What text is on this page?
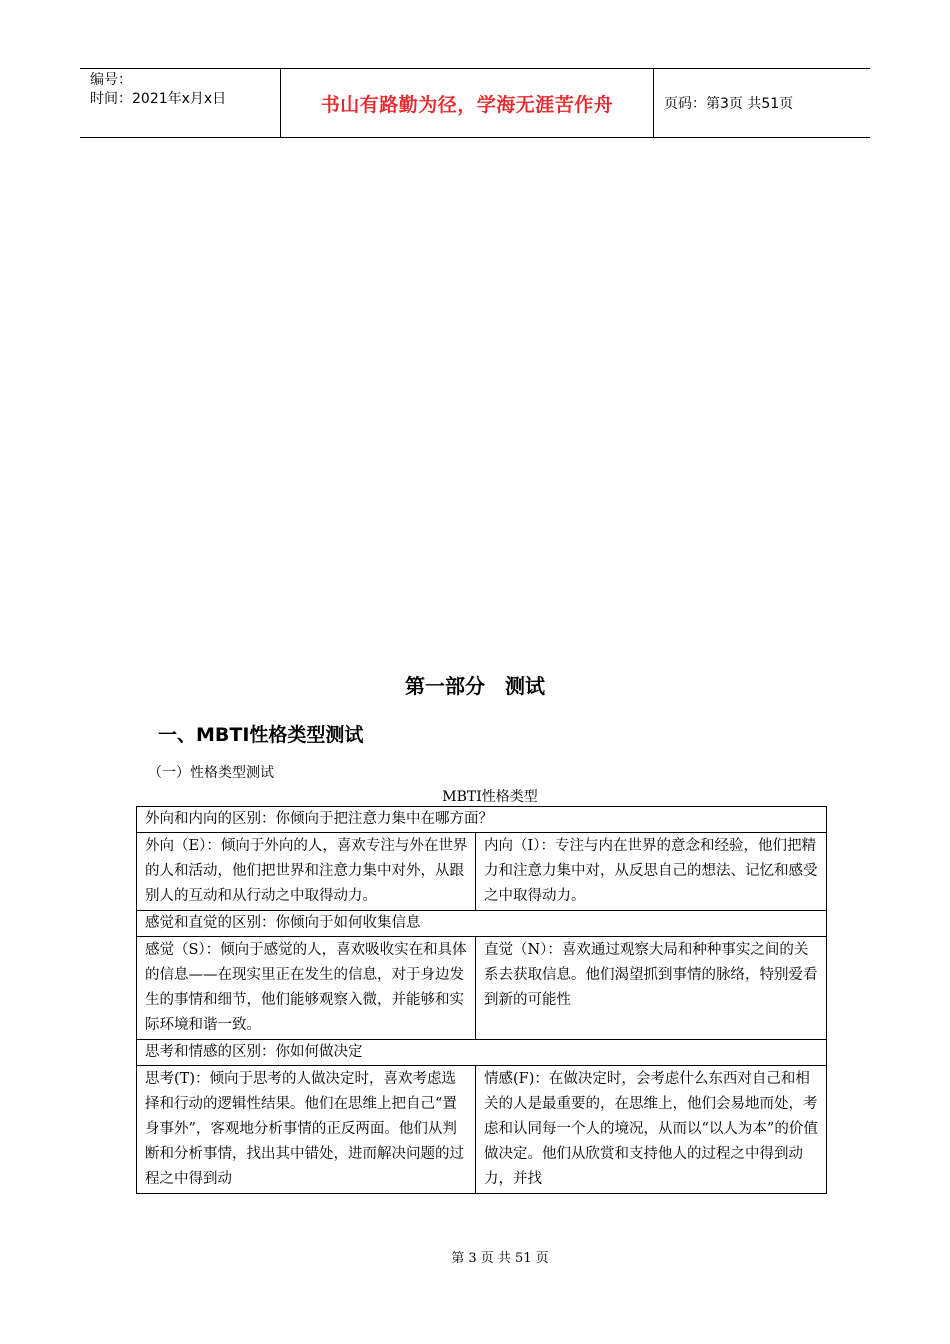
编号：
时间：2021年x月x日	书山有路勤为径，学海无涯苦作舟	页码：第3页 共51页
第一部分　测试
一、MBTI性格类型测试
（一）性格类型测试
MBTI性格类型
外向和内向的区别：你倾向于把注意力集中在哪方面？	
外向（E）：倾向于外向的人，喜欢专注与外在世界的人和活动，他们把世界和注意力集中对外，从跟别人的互动和从行动之中取得动力。	内向（I）：专注与内在世界的意念和经验，他们把精力和注意力集中对，从反思自己的想法、记忆和感受之中取得动力。
感觉和直觉的区别：你倾向于如何收集信息	
感觉（S）：倾向于感觉的人，喜欢吸收实在和具体的信息——在现实里正在发生的信息，对于身边发生的事情和细节，他们能够观察入微，并能够和实际环境和谐一致。	直觉（N）：喜欢通过观察大局和种种事实之间的关系去获取信息。他们渴望抓到事情的脉络，特别爱看到新的可能性
思考和情感的区别：你如何做决定	
思考(T)：倾向于思考的人做决定时，喜欢考虑选择和行动的逻辑性结果。他们在思维上把自己“置身事外”，客观地分析事情的正反两面。他们从判断和分析事情，找出其中错处，进而解决问题的过程之中得到动	情感(F)：在做决定时，会考虑什么东西对自己和相关的人是最重要的，在思维上，他们会易地而处，考虑和认同每一个人的境况，从而以“以人为本”的价值做决定。他们从欣赏和支持他人的过程之中得到动力，并找
第 3 页 共 51 页
